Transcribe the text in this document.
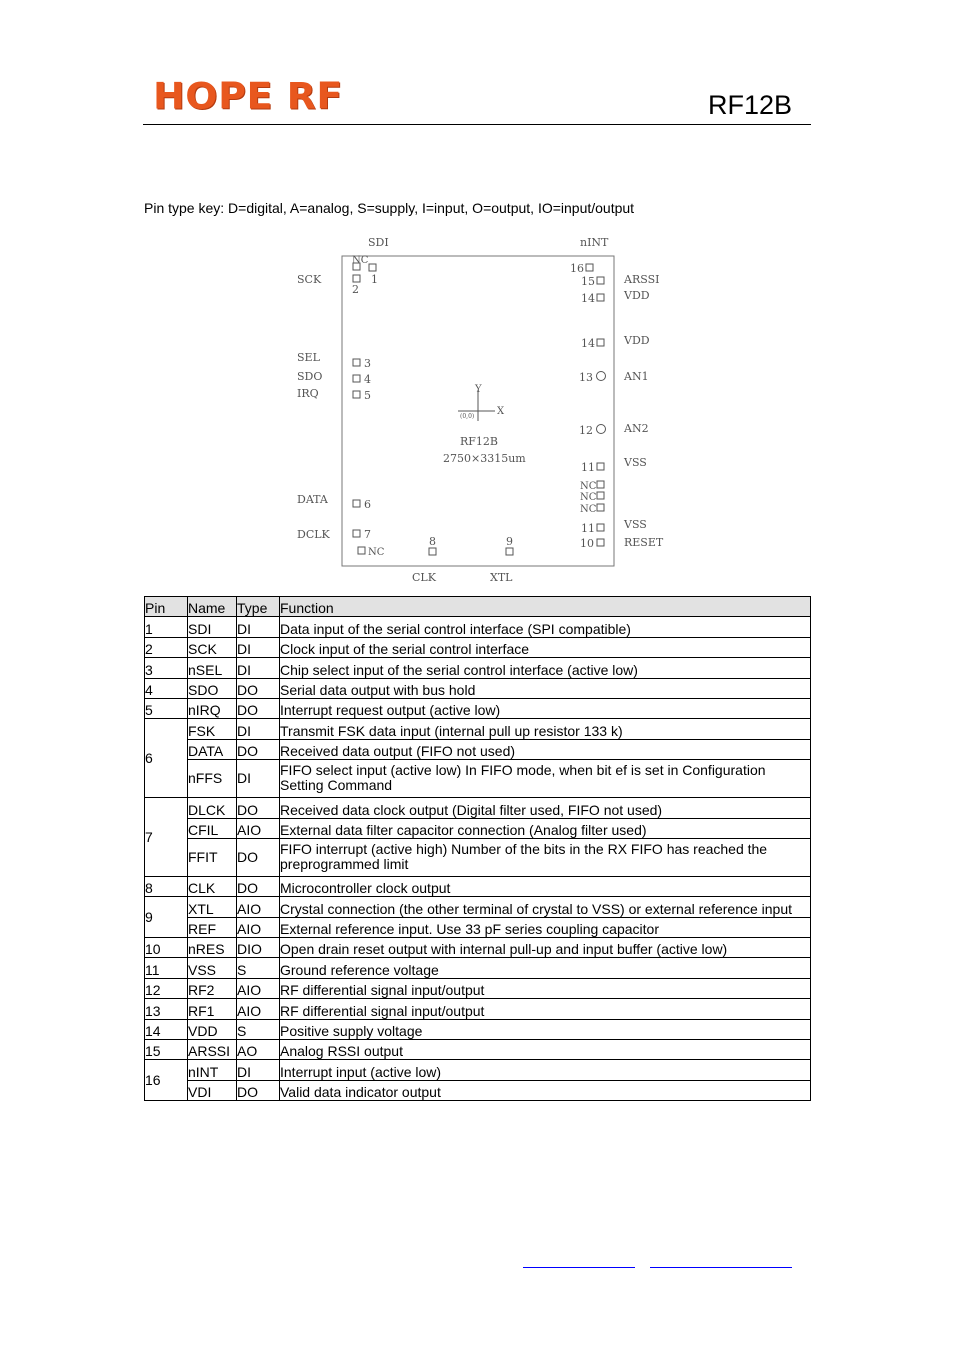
HOPE RF	RF12B
Pin type key: D=digital, A=analog, S=supply, I=input, O=output, IO=input/output
SDI	nINT
CLK	XTL
SCK
SEL
SDO
IRQ
DATA
DCLK
ARSSI
VDD
VDD
AN1
AN2
VSS
VSS
RESET
1
2
3
4
5
6
7
8	9	10
11
11
12
13
14
14
15
16
NC
NC
NC
NC
NC
Y
X
(0,0)
RF12B
2750×3315um
Pin	Name	Type	Function
1	SDI	DI	Data input of the serial control interface (SPI compatible)
2	SCK	DI	Clock input of the serial control interface
3	nSEL	DI	Chip select input of the serial control interface (active low)
4	SDO	DO	Serial data output with bus hold
5	nIRQ	DO	Interrupt request output (active low)
6	FSK	DI	Transmit FSK data input (internal pull up resistor 133 k)
	DATA	DO	Received data output (FIFO not used)
	nFFS	DI	FIFO select input (active low) In FIFO mode, when bit ef is set in Configuration Setting Command
7	DLCK	DO	Received data clock output (Digital filter used, FIFO not used)
	CFIL	AIO	External data filter capacitor connection (Analog filter used)
	FFIT	DO	FIFO interrupt (active high) Number of the bits in the RX FIFO has reached the preprogrammed limit
8	CLK	DO	Microcontroller clock output
9	XTL	AIO	Crystal connection (the other terminal of crystal to VSS) or external reference input
	REF	AIO	External reference input. Use 33 pF series coupling capacitor
10	nRES	DIO	Open drain reset output with internal pull-up and input buffer (active low)
11	VSS	S	Ground reference voltage
12	RF2	AIO	RF differential signal input/output
13	RF1	AIO	RF differential signal input/output
14	VDD	S	Positive supply voltage
15	ARSSI	AO	Analog RSSI output
16	nINT	DI	Interrupt input (active low)
	VDI	DO	Valid data indicator output
